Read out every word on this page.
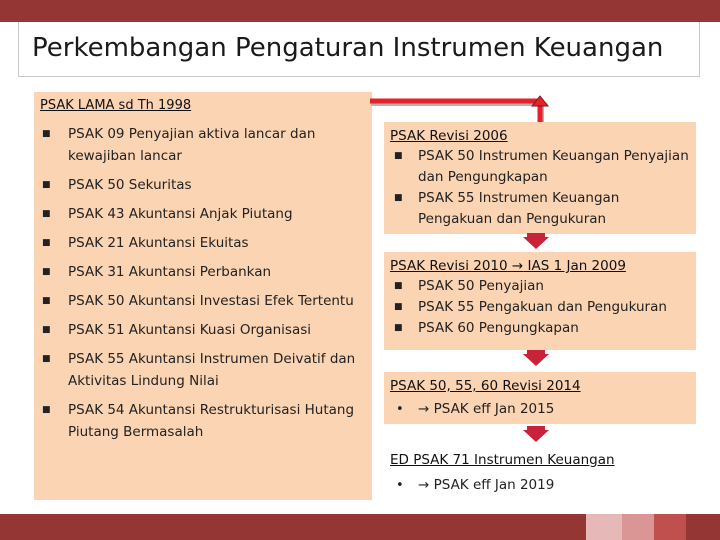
Perkembangan Pengaturan Instrumen Keuangan

PSAK LAMA sd Th 1998

■ PSAK 09 Penyajian aktiva lancar dan kewajiban lancar
■ PSAK 50 Sekuritas
■ PSAK 43 Akuntansi Anjak Piutang
■ PSAK 21 Akuntansi Ekuitas
■ PSAK 31 Akuntansi Perbankan
■ PSAK 50 Akuntansi Investasi Efek Tertentu
■ PSAK 51 Akuntansi Kuasi Organisasi
■ PSAK 55 Akuntansi Instrumen Deivatif dan Aktivitas Lindung Nilai
■ PSAK 54 Akuntansi Restrukturisasi Hutang Piutang Bermasalah

PSAK Revisi 2006

■ PSAK 50 Instrumen Keuangan Penyajian dan Pengungkapan
■ PSAK 55 Instrumen Keuangan Pengakuan dan Pengukuran

PSAK Revisi 2010 → IAS 1 Jan 2009

■ PSAK 50 Penyajian
■ PSAK 55 Pengakuan dan Pengukuran
■ PSAK 60 Pengungkapan

PSAK 50, 55, 60 Revisi 2014

• → PSAK eff Jan 2015

ED PSAK 71 Instrumen Keuangan

• → PSAK eff Jan 2019
